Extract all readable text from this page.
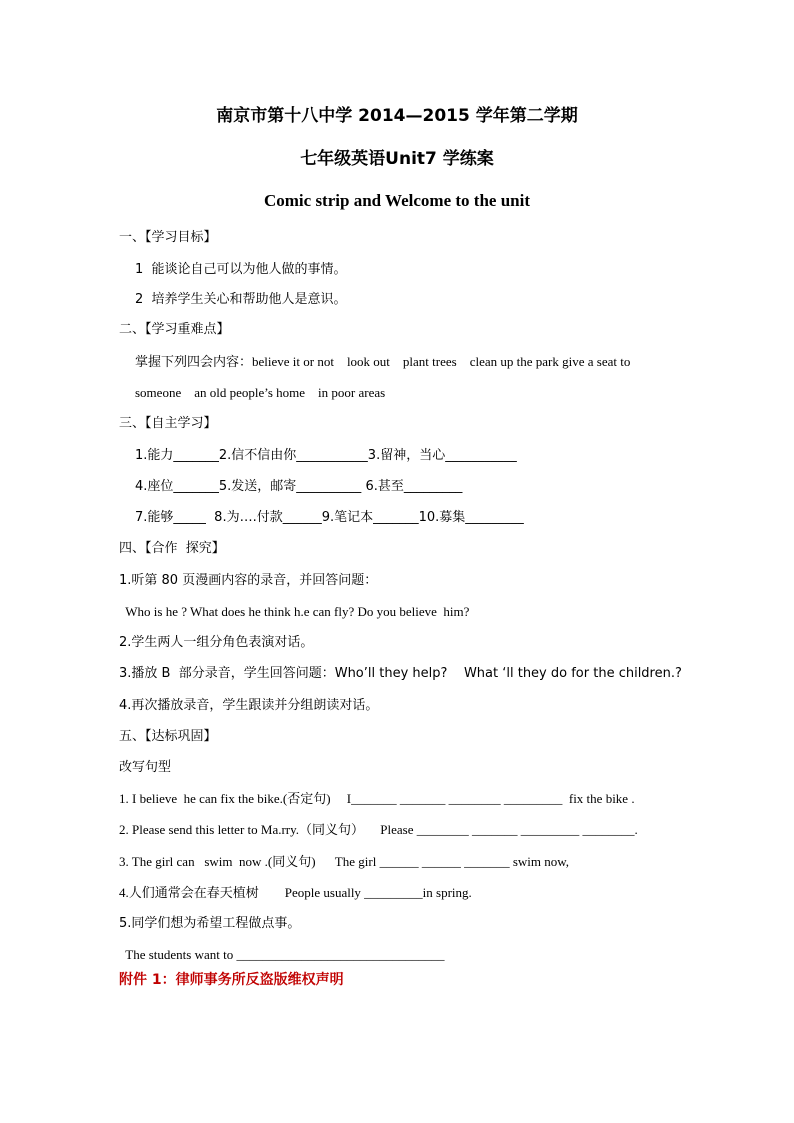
南京市第十八中学 2014—2015 学年第二学期
七年级英语Unit7 学练案
Comic strip and Welcome to the unit
一、【学习目标】
1  能谈论自己可以为他人做的事情。
2  培养学生关心和帮助他人是意识。
二、【学习重难点】
掌握下列四会内容：believe it or not    look out    plant trees    clean up the park give a seat to
someone    an old people’s home    in poor areas
三、【自主学习】
1.能力_______2.信不信由你___________3.留神，当心___________
4.座位_______5.发送，邮寄__________ 6.甚至_________
7.能够_____  8.为….付款______9.笔记本_______10.募集_________
四、【合作  探究】
1.听第 80 页漫画内容的录音，并回答问题：
Who is he ? What does he think h.e can fly? Do you believe  him?
2.学生两人一组分角色表演对话。
3.播放 B  部分录音，学生回答问题：Who’ll they help?    What ‘ll they do for the children.?
4.再次播放录音，学生跟读并分组朗读对话。
五、【达标巩固】
改写句型
1. I believe  he can fix the bike.(否定句)     I_______ _______ ________ _________  fix the bike .
2. Please send this letter to Ma.rry.（同义句）     Please ________ _______ _________ ________.
3. The girl can   swim  now .(同义句)      The girl ______ ______ _______ swim now,
4.人们通常会在春天植树        People usually _________in spring.
5.同学们想为希望工程做点事。
The students want to ________________________________
附件 1：律师事务所反盗版维权声明
